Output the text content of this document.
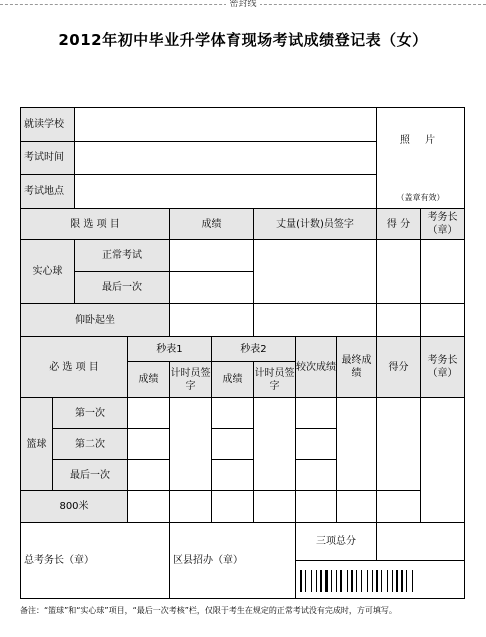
密封线
2012年初中毕业升学体育现场考试成绩登记表（女）
就读学校									照 片
（盖章有效）	

考试时间										
考试地点										
限 选 项 目				成绩		丈量(计数)员签字			得 分	考务长（章）
实心球		正常考试								
		最后一次								
仰卧起坐										
必 选 项 目			秒表1		秒表2		较次成绩	最终成绩	得分	考务长（章）
			成绩	计时员签字	成绩	计时员签字				
篮球	第一次									
	第二次									
	最后一次									
800米										
总考务长（章）				区县招办（章）			三项总分			

备注：“篮球”和“实心球”项目，“最后一次考核”栏，仅限于考生在规定的正常考试没有完成时，方可填写。
